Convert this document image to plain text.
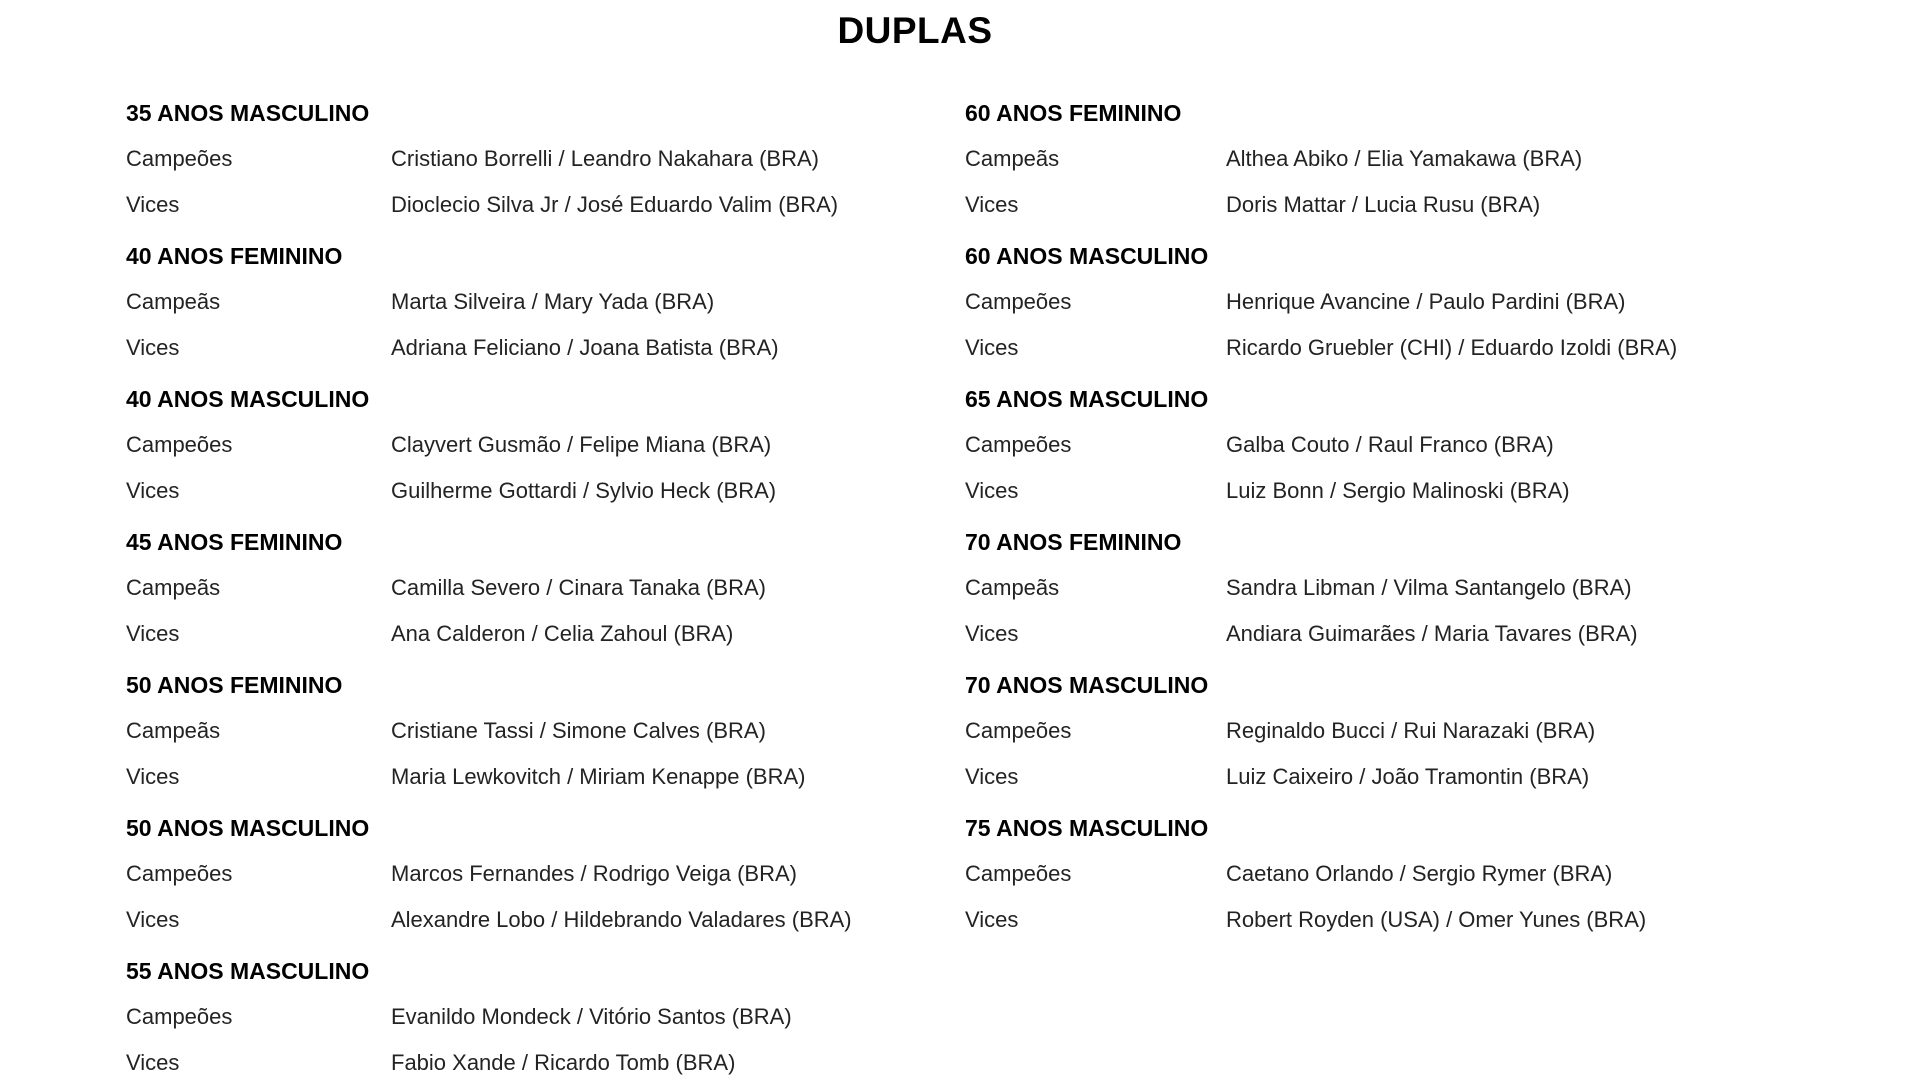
DUPLAS
35 ANOS MASCULINO
Campeões	Cristiano Borrelli / Leandro Nakahara (BRA)
Vices	Dioclecio Silva Jr / José Eduardo Valim (BRA)
40 ANOS FEMININO
Campeãs	Marta Silveira / Mary Yada (BRA)
Vices	Adriana Feliciano / Joana Batista (BRA)
40 ANOS MASCULINO
Campeões	Clayvert Gusmão / Felipe Miana (BRA)
Vices	Guilherme Gottardi / Sylvio Heck (BRA)
45 ANOS FEMININO
Campeãs	Camilla Severo / Cinara Tanaka (BRA)
Vices	Ana Calderon / Celia Zahoul (BRA)
50 ANOS FEMININO
Campeãs	Cristiane Tassi / Simone Calves (BRA)
Vices	Maria Lewkovitch / Miriam Kenappe (BRA)
50 ANOS MASCULINO
Campeões	Marcos Fernandes / Rodrigo Veiga (BRA)
Vices	Alexandre Lobo / Hildebrando Valadares (BRA)
55 ANOS MASCULINO
Campeões	Evanildo Mondeck / Vitório Santos (BRA)
Vices	Fabio Xande / Ricardo Tomb (BRA)
60 ANOS FEMININO
Campeãs	Althea Abiko / Elia Yamakawa (BRA)
Vices	Doris Mattar / Lucia Rusu (BRA)
60 ANOS MASCULINO
Campeões	Henrique Avancine / Paulo Pardini (BRA)
Vices	Ricardo Gruebler (CHI) / Eduardo Izoldi (BRA)
65 ANOS MASCULINO
Campeões	Galba Couto / Raul Franco (BRA)
Vices	Luiz Bonn / Sergio Malinoski (BRA)
70 ANOS FEMININO
Campeãs	Sandra Libman / Vilma Santangelo (BRA)
Vices	Andiara Guimarães / Maria Tavares (BRA)
70 ANOS MASCULINO
Campeões	Reginaldo Bucci / Rui Narazaki (BRA)
Vices	Luiz Caixeiro / João Tramontin (BRA)
75 ANOS MASCULINO
Campeões	Caetano Orlando / Sergio Rymer (BRA)
Vices	Robert Royden (USA) / Omer Yunes (BRA)
